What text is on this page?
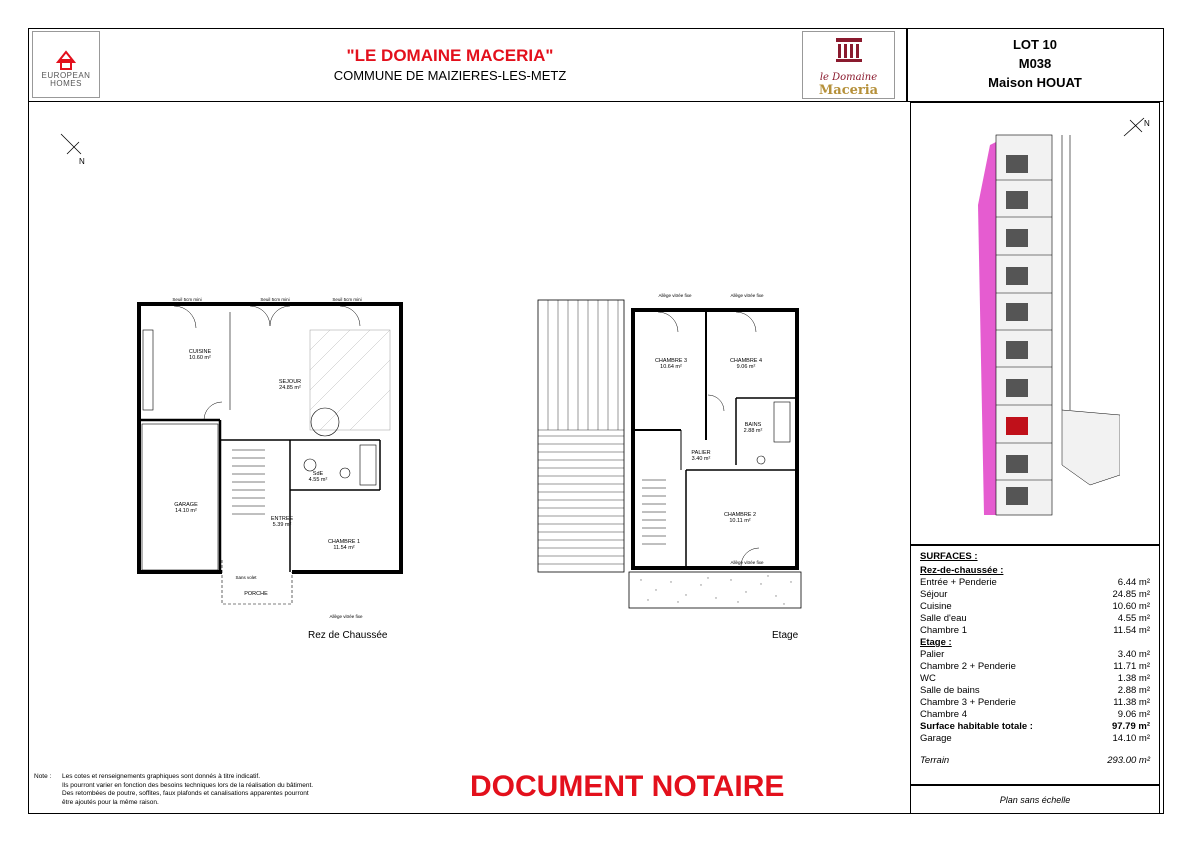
EUROPEAN
HOMES
"LE DOMAINE MACERIA"
COMMUNE DE MAIZIERES-LES-METZ	le Domaine
Maceria
LOT 10
M038
Maison HOUAT
N
N
CUISINE
10.60 m²
SEJOUR
24.85 m²
GARAGE
14.10 m²
ENTREE
5.39 m²
SdE
4.55 m²
CHAMBRE 1
11.54 m²
PORCHE
Seuil 5cm mini	Seuil 5cm mini	Seuil 5cm mini
Allège vitrée fixe
Sans volet
Rez de Chaussée
CHAMBRE 3
10.64 m²
CHAMBRE 4
9.06 m²
BAINS
2.88 m²
PALIER
3.40 m²
CHAMBRE 2
10.11 m²
Allège vitrée fixe	Allège vitrée fixe
Allège vitrée fixe
Etage
SURFACES :
Rez-de-chaussée :
Entrée + Penderie	6.44 m²
Séjour	24.85 m²
Cuisine	10.60 m²
Salle d'eau	4.55 m²
Chambre 1	11.54 m²
Etage :
Palier	3.40 m²
Chambre 2 + Penderie	11.71 m²
WC	1.38 m²
Salle de bains	2.88 m²
Chambre 3 + Penderie	11.38 m²
Chambre 4	9.06 m²
Surface habitable totale :	97.79 m²
Garage	14.10 m²
Terrain	293.00 m²
Plan sans échelle
Note : Les cotes et renseignements graphiques sont donnés à titre indicatif.
Ils pourront varier en fonction des besoins techniques lors de la réalisation du bâtiment.
Des retombées de poutre, soffites, faux plafonds et canalisations apparentes pourront
être ajoutés pour la même raison.	DOCUMENT NOTAIRE
